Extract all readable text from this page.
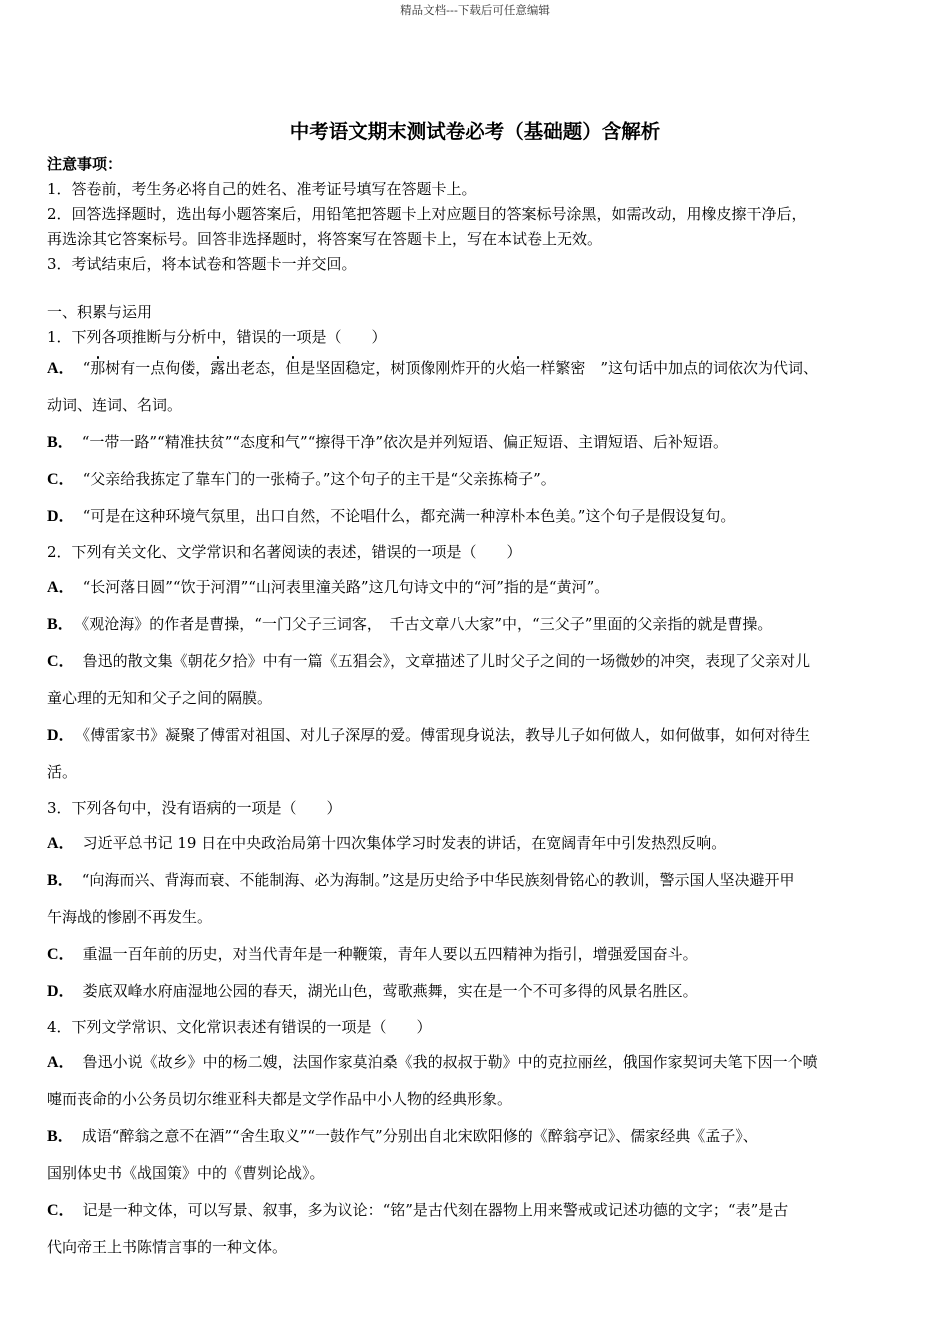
精品文档---下载后可任意编辑
中考语文期末测试卷必考（基础题）含解析
注意事项：
1．答卷前，考生务必将自己的姓名、准考证号填写在答题卡上。
2．回答选择题时，选出每小题答案后，用铅笔把答题卡上对应题目的答案标号涂黑，如需改动，用橡皮擦干净后，
再选涂其它答案标号。回答非选择题时，将答案写在答题卡上，写在本试卷上无效。
3．考试结束后，将本试卷和答题卡一并交回。
一、积累与运用
1．下列各项推断与分析中，错误的一项是（　　）
A． “那树有一点佝偻，露出老态，但是坚固稳定，树顶像刚炸开的火焰一样繁密　”这句话中加点的词依次为代词、
动词、连词、名词。
B． “一带一路”“精准扶贫”“态度和气”“擦得干净”依次是并列短语、偏正短语、主谓短语、后补短语。
C． “父亲给我拣定了靠车门的一张椅子。”这个句子的主干是“父亲拣椅子”。
D． “可是在这种环境气氛里，出口自然，不论唱什么，都充满一种淳朴本色美。”这个句子是假设复句。
2．下列有关文化、文学常识和名著阅读的表述，错误的一项是（　　）
A． “长河落日圆”“饮于河渭”“山河表里潼关路”这几句诗文中的“河”指的是“黄河”。
B． 《观沧海》的作者是曹操，“一门父子三词客，　千古文章八大家”中，“三父子”里面的父亲指的就是曹操。
C． 鲁迅的散文集《朝花夕拾》中有一篇《五猖会》，文章描述了儿时父子之间的一场微妙的冲突，表现了父亲对儿
童心理的无知和父子之间的隔膜。
D． 《傅雷家书》凝聚了傅雷对祖国、对儿子深厚的爱。傅雷现身说法，教导儿子如何做人，如何做事，如何对待生
活。
3．下列各句中，没有语病的一项是（　　）
A． 习近平总书记 19 日在中央政治局第十四次集体学习时发表的讲话，在宽阔青年中引发热烈反响。
B． “向海而兴、背海而衰、不能制海、必为海制。”这是历史给予中华民族刻骨铭心的教训，警示国人坚决避开甲
午海战的惨剧不再发生。
C． 重温一百年前的历史，对当代青年是一种鞭策，青年人要以五四精神为指引，增强爱国奋斗。
D． 娄底双峰水府庙湿地公园的春天，湖光山色，莺歌燕舞，实在是一个不可多得的风景名胜区。
4．下列文学常识、文化常识表述有错误的一项是（　　）
A． 鲁迅小说《故乡》中的杨二嫂，法国作家莫泊桑《我的叔叔于勒》中的克拉丽丝，俄国作家契诃夫笔下因一个喷
嚏而丧命的小公务员切尔维亚科夫都是文学作品中小人物的经典形象。
B． 成语“醉翁之意不在酒”“舍生取义”“一鼓作气”分别出自北宋欧阳修的《醉翁亭记》、儒家经典《孟子》、
国别体史书《战国策》中的《曹刿论战》。
C． 记是一种文体，可以写景、叙事，多为议论：“铭”是古代刻在器物上用来警戒或记述功德的文字；“表”是古
代向帝王上书陈情言事的一种文体。
